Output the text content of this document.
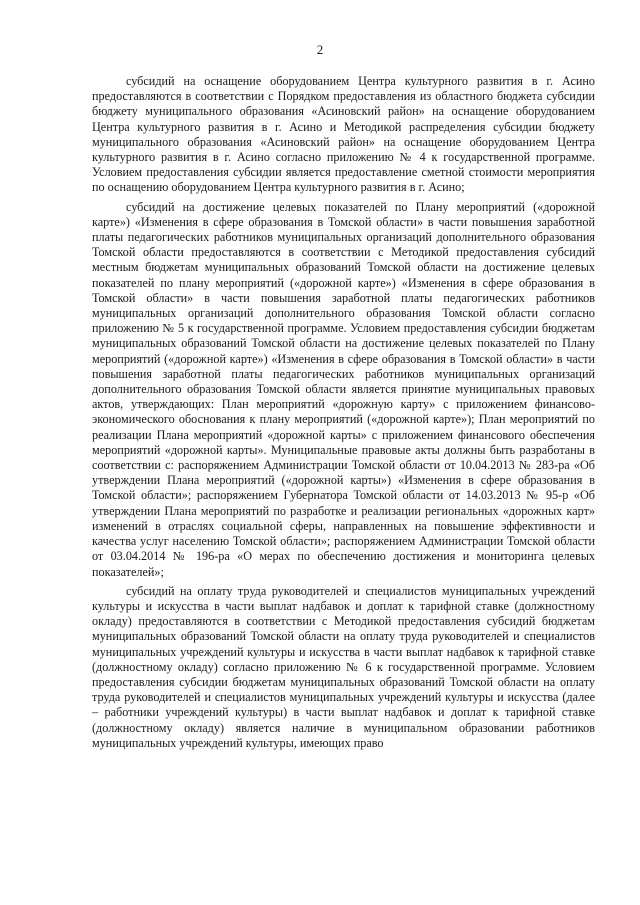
2

субсидий на оснащение оборудованием Центра культурного развития в г. Асино предоставляются в соответствии с Порядком предоставления из областного бюджета субсидии бюджету муниципального образования «Асиновский район» на оснащение оборудованием Центра культурного развития в г. Асино и Методикой распределения субсидии бюджету муниципального образования «Асиновский район» на оснащение оборудованием Центра культурного развития в г. Асино согласно приложению № 4 к государственной программе. Условием предоставления субсидии является предоставление сметной стоимости мероприятия по оснащению оборудованием Центра культурного развития в г. Асино;

субсидий на достижение целевых показателей по Плану мероприятий («дорожной карте») «Изменения в сфере образования в Томской области» в части повышения заработной платы педагогических работников муниципальных организаций дополнительного образования Томской области предоставляются в соответствии с Методикой предоставления субсидий местным бюджетам муниципальных образований Томской области на достижение целевых показателей по плану мероприятий («дорожной карте») «Изменения в сфере образования в Томской области» в части повышения заработной платы педагогических работников муниципальных организаций дополнительного образования Томской области согласно приложению № 5 к государственной программе. Условием предоставления субсидии бюджетам муниципальных образований Томской области на достижение целевых показателей по Плану мероприятий («дорожной карте») «Изменения в сфере образования в Томской области» в части повышения заработной платы педагогических работников муниципальных организаций дополнительного образования Томской области является принятие муниципальных правовых актов, утверждающих: План мероприятий «дорожную карту» с приложением финансово-экономического обоснования к плану мероприятий («дорожной карте»); План мероприятий по реализации Плана мероприятий «дорожной карты» с приложением финансового обеспечения мероприятий «дорожной карты». Муниципальные правовые акты должны быть разработаны в соответствии с: распоряжением Администрации Томской области от 10.04.2013 № 283-ра «Об утверждении Плана мероприятий («дорожной карты») «Изменения в сфере образования в Томской области»; распоряжением Губернатора Томской области от 14.03.2013 № 95-р «Об утверждении Плана мероприятий по разработке и реализации региональных «дорожных карт» изменений в отраслях социальной сферы, направленных на повышение эффективности и качества услуг населению Томской области»; распоряжением Администрации Томской области от 03.04.2014 № 196-ра «О мерах по обеспечению достижения и мониторинга целевых показателей»;

субсидий на оплату труда руководителей и специалистов муниципальных учреждений культуры и искусства в части выплат надбавок и доплат к тарифной ставке (должностному окладу) предоставляются в соответствии с Методикой предоставления субсидий бюджетам муниципальных образований Томской области на оплату труда руководителей и специалистов муниципальных учреждений культуры и искусства в части выплат надбавок к тарифной ставке (должностному окладу) согласно приложению № 6 к государственной программе. Условием предоставления субсидии бюджетам муниципальных образований Томской области на оплату труда руководителей и специалистов муниципальных учреждений культуры и искусства (далее – работники учреждений культуры) в части выплат надбавок и доплат к тарифной ставке (должностному окладу) является наличие в муниципальном образовании работников муниципальных учреждений культуры, имеющих право
